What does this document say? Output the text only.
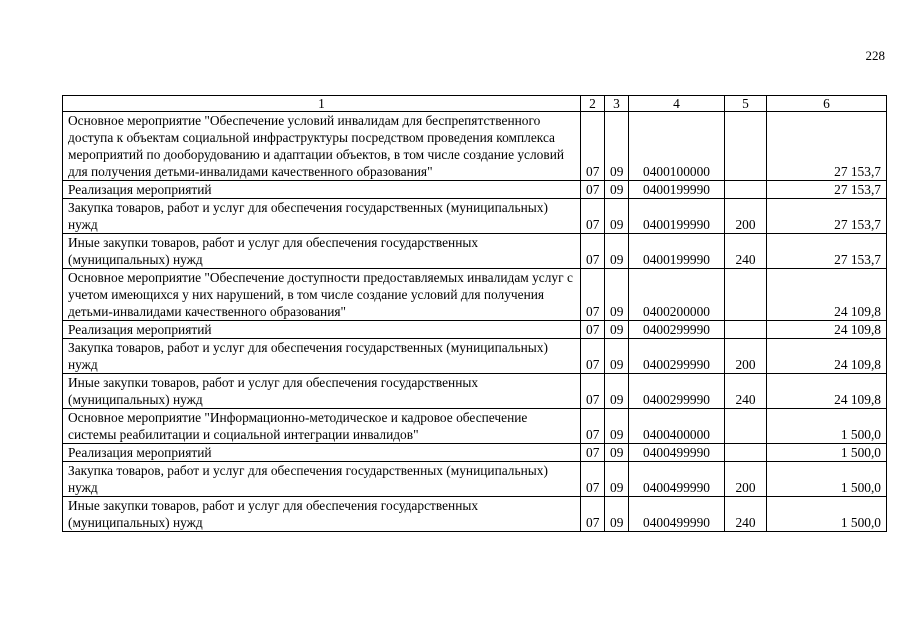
228
1	2	3	4	5	6
Основное мероприятие "Обеспечение условий инвалидам для беспрепятственного доступа к объектам социальной инфраструктуры посредством проведения комплекса мероприятий по дооборудованию и адаптации объектов, в том числе создание условий для получения детьми-инвалидами качественного образования"	07	09	0400100000		27 153,7
Реализация мероприятий	07	09	0400199990		27 153,7
Закупка товаров, работ и услуг для обеспечения государственных (муниципальных) нужд	07	09	0400199990	200	27 153,7
Иные закупки товаров, работ и услуг для обеспечения государственных (муниципальных) нужд	07	09	0400199990	240	27 153,7
Основное мероприятие "Обеспечение доступности предоставляемых инвалидам услуг с учетом имеющихся у них нарушений, в том числе создание условий для получения детьми-инвалидами качественного образования"	07	09	0400200000		24 109,8
Реализация мероприятий	07	09	0400299990		24 109,8
Закупка товаров, работ и услуг для обеспечения государственных (муниципальных) нужд	07	09	0400299990	200	24 109,8
Иные закупки товаров, работ и услуг для обеспечения государственных (муниципальных) нужд	07	09	0400299990	240	24 109,8
Основное мероприятие "Информационно-методическое и кадровое обеспечение системы реабилитации и социальной интеграции инвалидов"	07	09	0400400000		1 500,0
Реализация мероприятий	07	09	0400499990		1 500,0
Закупка товаров, работ и услуг для обеспечения государственных (муниципальных) нужд	07	09	0400499990	200	1 500,0
Иные закупки товаров, работ и услуг для обеспечения государственных (муниципальных) нужд	07	09	0400499990	240	1 500,0
